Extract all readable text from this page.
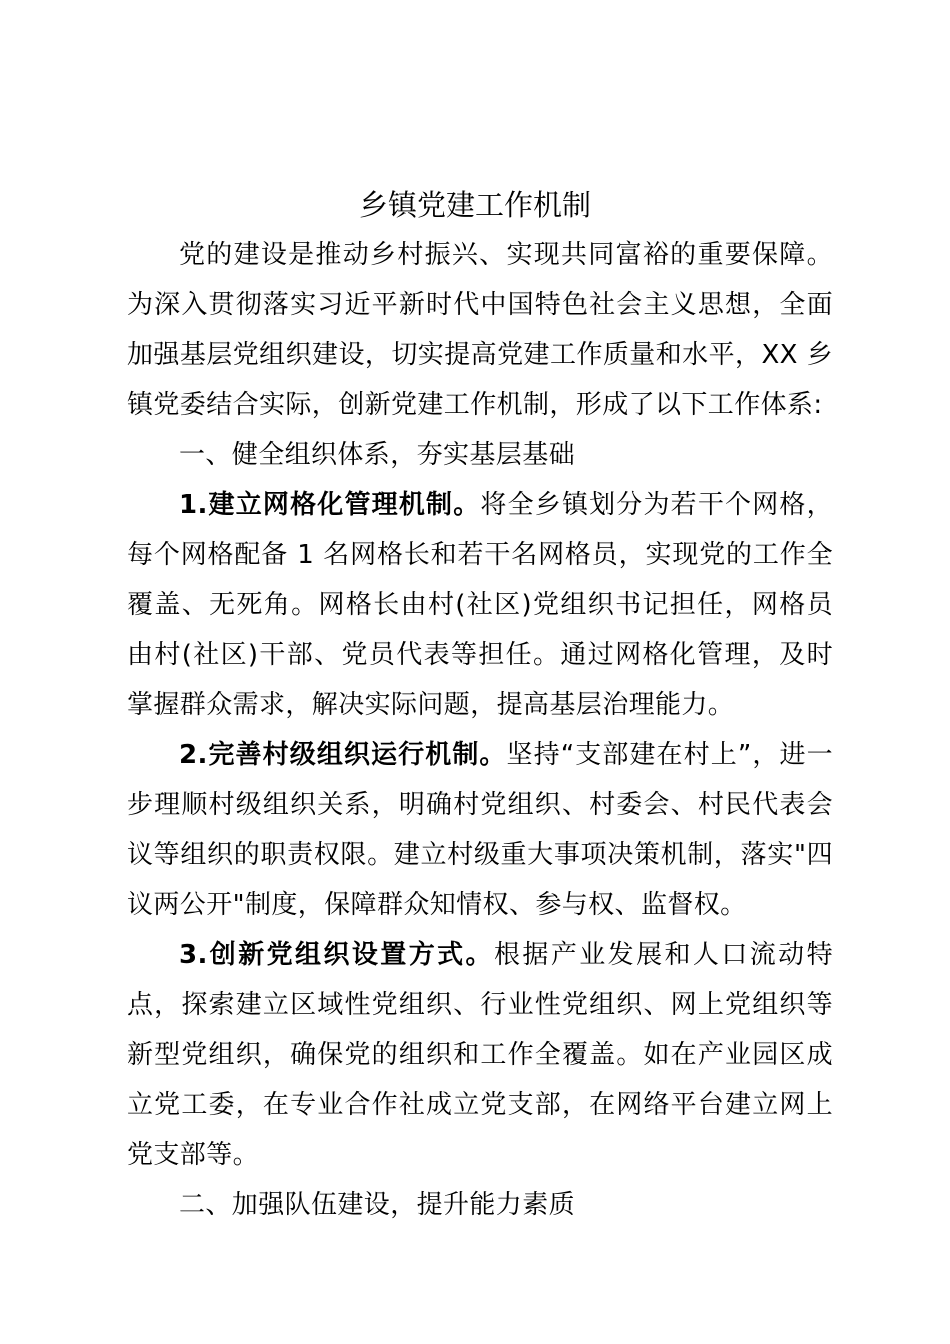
乡镇党建工作机制

党的建设是推动乡村振兴、实现共同富裕的重要保障。为深入贯彻落实习近平新时代中国特色社会主义思想，全面加强基层党组织建设，切实提高党建工作质量和水平，XX 乡镇党委结合实际，创新党建工作机制，形成了以下工作体系:

一、健全组织体系，夯实基层基础

1.建立网格化管理机制。将全乡镇划分为若干个网格，每个网格配备 1 名网格长和若干名网格员，实现党的工作全覆盖、无死角。网格长由村(社区)党组织书记担任，网格员由村(社区)干部、党员代表等担任。通过网格化管理，及时掌握群众需求，解决实际问题，提高基层治理能力。

2.完善村级组织运行机制。坚持“支部建在村上”，进一步理顺村级组织关系，明确村党组织、村委会、村民代表会议等组织的职责权限。建立村级重大事项决策机制，落实"四议两公开"制度，保障群众知情权、参与权、监督权。

3.创新党组织设置方式。根据产业发展和人口流动特点，探索建立区域性党组织、行业性党组织、网上党组织等新型党组织，确保党的组织和工作全覆盖。如在产业园区成立党工委，在专业合作社成立党支部，在网络平台建立网上党支部等。

二、加强队伍建设，提升能力素质
